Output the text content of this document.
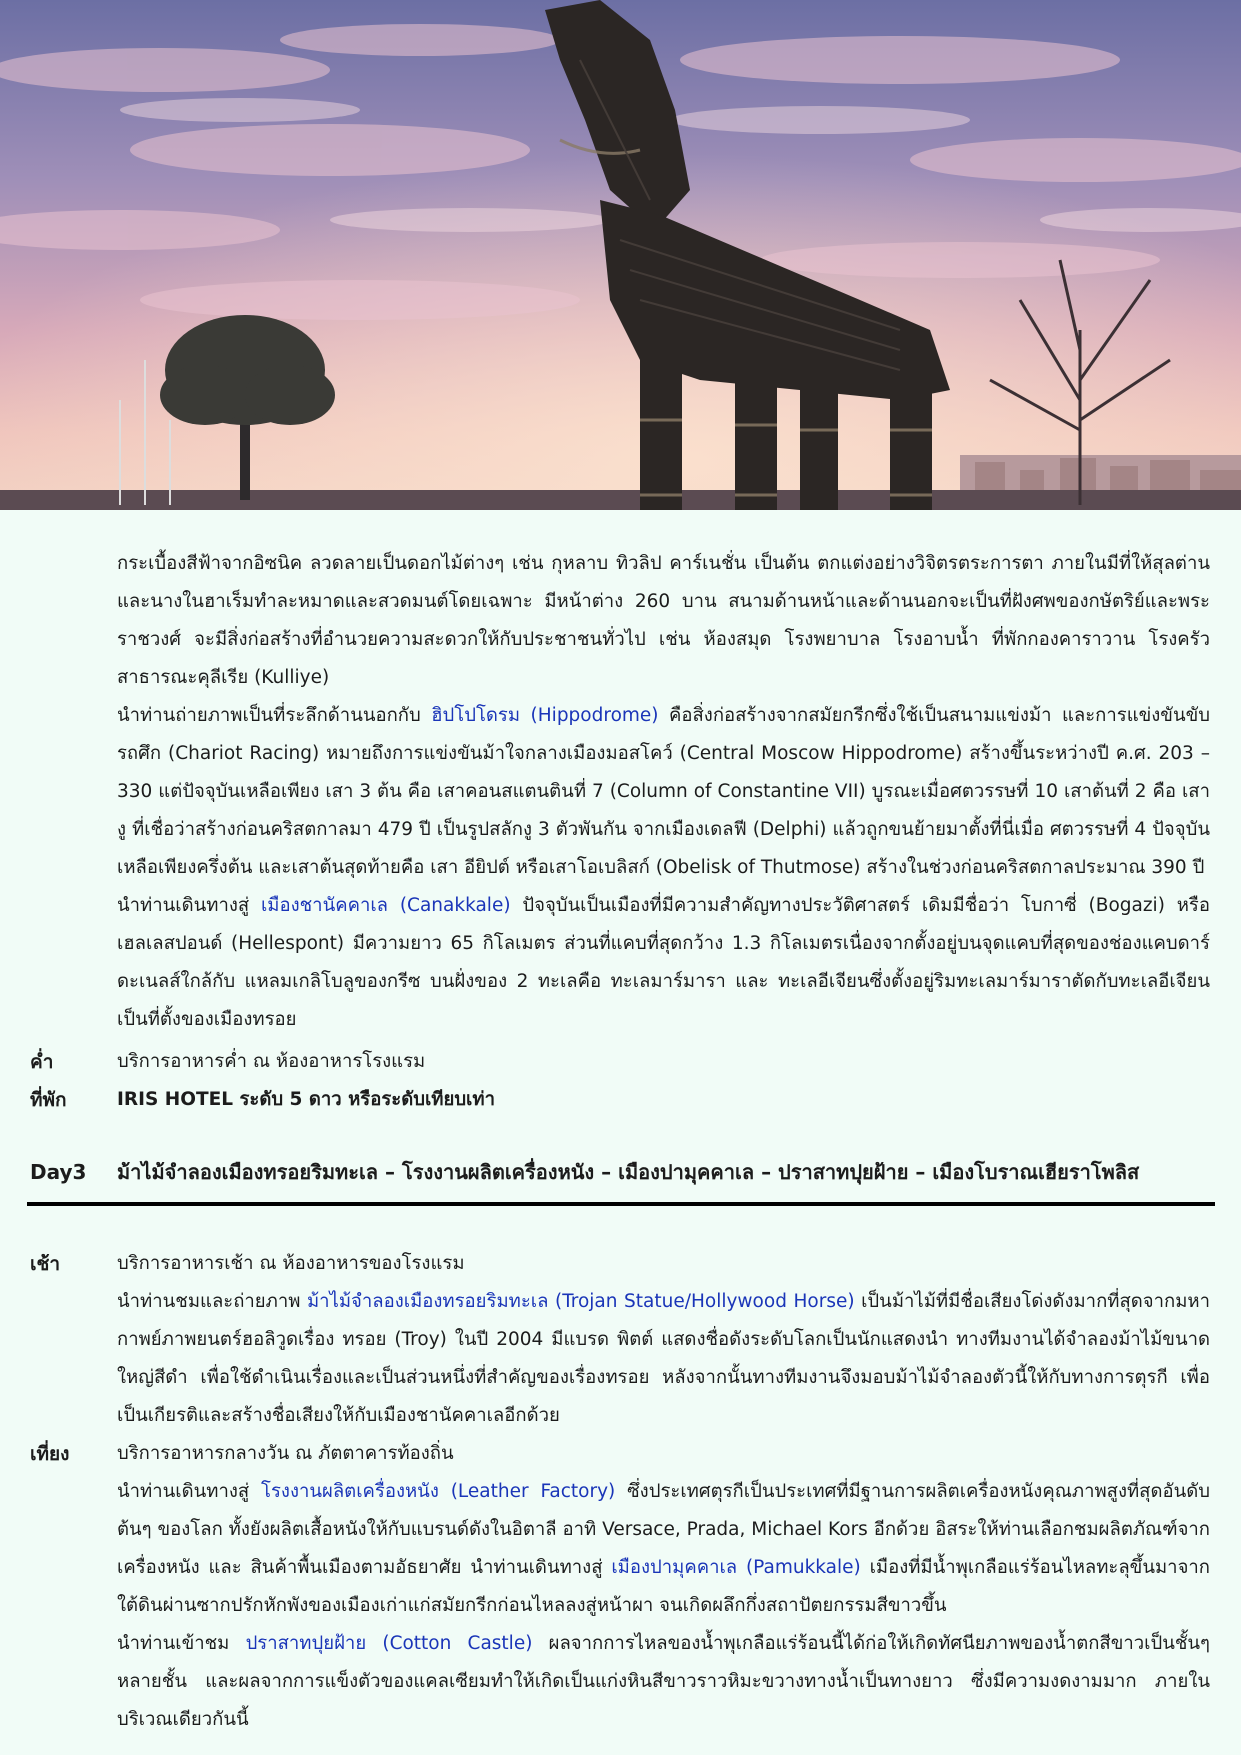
กระเบื้องสีฟ้าจากอิซนิค ลวดลายเป็นดอกไม้ต่างๆ เช่น กุหลาบ ทิวลิป คาร์เนชั่น เป็นต้น ตกแต่งอย่างวิจิตรตระการตา ภายในมีที่ให้สุลต่านและนางในฮาเร็มทำละหมาดและสวดมนต์โดยเฉพาะ มีหน้าต่าง 260 บาน สนามด้านหน้าและด้านนอกจะเป็นที่ฝังศพของกษัตริย์และพระราชวงศ์ จะมีสิ่งก่อสร้างที่อำนวยความสะดวกให้กับประชาชนทั่วไป เช่น ห้องสมุด โรงพยาบาล โรงอาบน้ำ ที่พักกองคาราวาน โรงครัวสาธารณะคุลีเรีย (Kulliye)
นำท่านถ่ายภาพเป็นที่ระลึกด้านนอกกับ ฮิปโปโดรม (Hippodrome) คือสิ่งก่อสร้างจากสมัยกรีกซึ่งใช้เป็นสนามแข่งม้า และการแข่งขันขับรถศึก (Chariot Racing) หมายถึงการแข่งขันม้าใจกลางเมืองมอสโคว์ (Central Moscow Hippodrome) สร้างขึ้นระหว่างปี ค.ศ. 203 – 330 แต่ปัจจุบันเหลือเพียง เสา 3 ต้น คือ เสาคอนสแตนตินที่ 7 (Column of Constantine VII) บูรณะเมื่อศตวรรษที่ 10 เสาต้นที่ 2 คือ เสางู ที่เชื่อว่าสร้างก่อนคริสตกาลมา 479 ปี เป็นรูปสลักงู 3 ตัวพันกัน จากเมืองเดลฟี (Delphi) แล้วถูกขนย้ายมาตั้งที่นี่เมื่อ ศตวรรษที่ 4 ปัจจุบันเหลือเพียงครึ่งต้น และเสาต้นสุดท้ายคือ เสา อียิปต์ หรือเสาโอเบลิสก์ (Obelisk of Thutmose) สร้างในช่วงก่อนคริสตกาลประมาณ 390 ปี
นำท่านเดินทางสู่ เมืองชานัคคาเล (Canakkale) ปัจจุบันเป็นเมืองที่มีความสำคัญทางประวัติศาสตร์ เดิมมีชื่อว่า โบกาซี่ (Bogazi) หรือ เฮลเลสปอนด์ (Hellespont) มีความยาว 65 กิโลเมตร ส่วนที่แคบที่สุดกว้าง 1.3 กิโลเมตรเนื่องจากตั้งอยู่บนจุดแคบที่สุดของช่องแคบดาร์ดะเนลส์ใกล้กับ แหลมเกลิโบลูของกรีซ บนฝั่งของ 2 ทะเลคือ ทะเลมาร์มารา และ ทะเลอีเจียนซึ่งตั้งอยู่ริมทะเลมาร์มาราตัดกับทะเลอีเจียน เป็นที่ตั้งของเมืองทรอย
ค่ำ	บริการอาหารค่ำ ณ ห้องอาหารโรงแรม
ที่พัก	IRIS HOTEL ระดับ 5 ดาว หรือระดับเทียบเท่า
Day3 ม้าไม้จำลองเมืองทรอยริมทะเล – โรงงานผลิตเครื่องหนัง – เมืองปามุคคาเล – ปราสาทปุยฝ้าย – เมืองโบราณเฮียราโพลิส
เช้า	บริการอาหารเช้า ณ ห้องอาหารของโรงแรม
นำท่านชมและถ่ายภาพ ม้าไม้จำลองเมืองทรอยริมทะเล (Trojan Statue/Hollywood Horse) เป็นม้าไม้ที่มีชื่อเสียงโด่งดังมากที่สุดจากมหากาพย์ภาพยนตร์ฮอลิวูดเรื่อง ทรอย (Troy) ในปี 2004 มีแบรด พิตต์ แสดงชื่อดังระดับโลกเป็นนักแสดงนำ ทางทีมงานได้จำลองม้าไม้ขนาดใหญ่สีดำ เพื่อใช้ดำเนินเรื่องและเป็นส่วนหนึ่งที่สำคัญของเรื่องทรอย หลังจากนั้นทางทีมงานจึงมอบม้าไม้จำลองตัวนี้ให้กับทางการตุรกี เพื่อเป็นเกียรติและสร้างชื่อเสียงให้กับเมืองชานัคคาเลอีกด้วย
เที่ยง	บริการอาหารกลางวัน ณ ภัตตาคารท้องถิ่น
นำท่านเดินทางสู่ โรงงานผลิตเครื่องหนัง (Leather Factory) ซึ่งประเทศตุรกีเป็นประเทศที่มีฐานการผลิตเครื่องหนังคุณภาพสูงที่สุดอันดับต้นๆ ของโลก ทั้งยังผลิตเสื้อหนังให้กับแบรนด์ดังในอิตาลี อาทิ Versace, Prada, Michael Kors อีกด้วย อิสระให้ท่านเลือกชมผลิตภัณฑ์จากเครื่องหนัง และ สินค้าพื้นเมืองตามอัธยาศัย นำท่านเดินทางสู่ เมืองปามุคคาเล (Pamukkale) เมืองที่มีน้ำพุเกลือแร่ร้อนไหลทะลุขึ้นมาจากใต้ดินผ่านซากปรักหักพังของเมืองเก่าแก่สมัยกรีกก่อนไหลลงสู่หน้าผา จนเกิดผลึกกึ่งสถาปัตยกรรมสีขาวขึ้น
นำท่านเข้าชม ปราสาทปุยฝ้าย (Cotton Castle) ผลจากการไหลของน้ำพุเกลือแร่ร้อนนี้ได้ก่อให้เกิดทัศนียภาพของน้ำตกสีขาวเป็นชั้นๆ หลายชั้น และผลจากการแข็งตัวของแคลเซียมทำให้เกิดเป็นแก่งหินสีขาวราวหิมะขวางทางน้ำเป็นทางยาว ซึ่งมีความงดงามมาก ภายในบริเวณเดียวกันนี้
